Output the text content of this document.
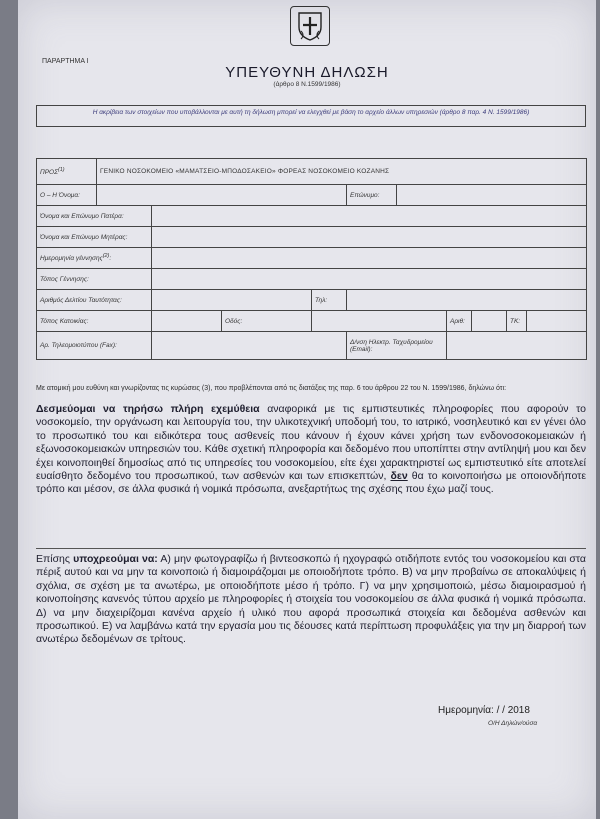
ΠΑΡΑΡΤΗΜΑ Ι
ΥΠΕΥΘΥΝΗ ΔΗΛΩΣΗ
(άρθρο 8 Ν.1599/1986)
Η ακρίβεια των στοιχείων που υποβάλλονται με αυτή τη δήλωση μπορεί να ελεγχθεί με βάση το αρχείο άλλων υπηρεσιών (άρθρο 8 παρ. 4 Ν. 1599/1986)
ΠΡΟΣ$^{(1)}$	ΓΕΝΙΚΟ ΝΟΣΟΚΟΜΕΙΟ «ΜΑΜΑΤΣΕΙΟ-ΜΠΟΔΟΣΑΚΕΙΟ» ΦΟΡΕΑΣ ΝΟΣΟΚΟΜΕΙΟ ΚΟΖΑΝΗΣ									
Ο – Η Όνομα:					Επώνυμο:					
Όνομα και Επώνυμο Πατέρα:										
Όνομα και Επώνυμο Μητέρας:										
Ημερομηνία γέννησης$^{(2)}$:										
Τόπος Γέννησης:										
Αριθμός Δελτίου Ταυτότητας:				Τηλ:						
Τόπος Κατοικίας:			Οδός:				Αριθ:		ΤΚ:	
Αρ. Τηλεομοιοτύπου (Fax):					Δ/νση Ηλεκτρ. Ταχυδρομείου (Email):					
Με ατομική μου ευθύνη και γνωρίζοντας τις κυρώσεις (3), που προβλέπονται από τις διατάξεις της παρ. 6 του άρθρου 22 του Ν. 1599/1986, δηλώνω ότι:
Δεσμεύομαι να τηρήσω πλήρη εχεμύθεια αναφορικά με τις εμπιστευτικές πληροφορίες που αφορούν το νοσοκομείο, την οργάνωση και λειτουργία του, την υλικοτεχνική υποδομή του, το ιατρικό, νοσηλευτικό και εν γένει όλο το προσωπικό του και ειδικότερα τους ασθενείς που κάνουν ή έχουν κάνει χρήση των ενδονοσοκομειακών ή εξωνοσοκομειακών υπηρεσιών του. Κάθε σχετική πληροφορία και δεδομένο που υποπίπτει στην αντίληψή μου και δεν έχει κοινοποιηθεί δημοσίως από τις υπηρεσίες του νοσοκομείου, είτε έχει χαρακτηριστεί ως εμπιστευτικό είτε αποτελεί ευαίσθητο δεδομένο του προσωπικού, των ασθενών και των επισκεπτών, δεν θα το κοινοποιήσω με οποιονδήποτε τρόπο και μέσον, σε άλλα φυσικά ή νομικά πρόσωπα, ανεξαρτήτως της σχέσης που έχω μαζί τους.
Επίσης υποχρεούμαι να: Α) μην φωτογραφίζω ή βιντεοσκοπώ ή ηχογραφώ οτιδήποτε εντός του νοσοκομείου και στα πέριξ αυτού και να μην τα κοινοποιώ ή διαμοιράζομαι με οποιοδήποτε τρόπο. Β) να μην προβαίνω σε αποκαλύψεις ή σχόλια, σε σχέση με τα ανωτέρω, με οποιοδήποτε μέσο ή τρόπο. Γ) να μην χρησιμοποιώ, μέσω διαμοιρασμού ή κοινοποίησης κανενός τύπου αρχείο με πληροφορίες ή στοιχεία του νοσοκομείου σε άλλα φυσικά ή νομικά πρόσωπα. Δ) να μην διαχειρίζομαι κανένα αρχείο ή υλικό που αφορά προσωπικά στοιχεία και δεδομένα ασθενών και προσωπικού. Ε) να λαμβάνω κατά την εργασία μου τις δέουσες κατά περίπτωση προφυλάξεις για την μη διαρροή των ανωτέρω δεδομένων σε τρίτους.
Ημερομηνία: / / 2018
Ο/Η Δηλών/ούσα
